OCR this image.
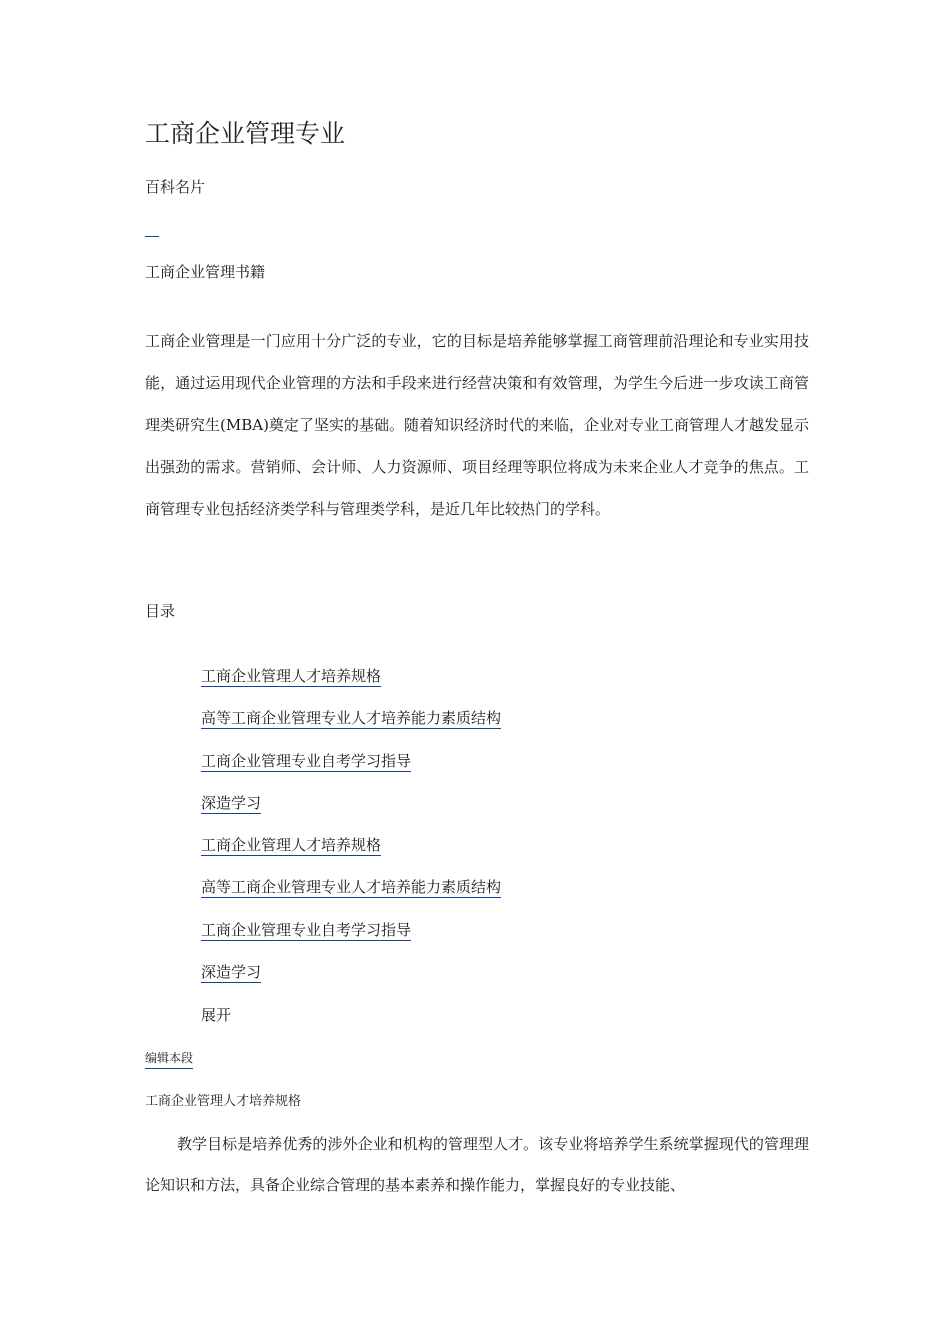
工商企业管理专业

百科名片

工商企业管理书籍

工商企业管理是一门应用十分广泛的专业，它的目标是培养能够掌握工商管理前沿理论和专业实用技能，通过运用现代企业管理的方法和手段来进行经营决策和有效管理，为学生今后进一步攻读工商管理类研究生(MBA)奠定了坚实的基础。随着知识经济时代的来临，企业对专业工商管理人才越发显示出强劲的需求。营销师、会计师、人力资源师、项目经理等职位将成为未来企业人才竞争的焦点。工商管理专业包括经济类学科与管理类学科，是近几年比较热门的学科。

目录

工商企业管理人才培养规格
高等工商企业管理专业人才培养能力素质结构
工商企业管理专业自考学习指导
深造学习
工商企业管理人才培养规格
高等工商企业管理专业人才培养能力素质结构
工商企业管理专业自考学习指导
深造学习

展开

编辑本段
工商企业管理人才培养规格

教学目标是培养优秀的涉外企业和机构的管理型人才。该专业将培养学生系统掌握现代的管理理论知识和方法，具备企业综合管理的基本素养和操作能力，掌握良好的专业技能、
